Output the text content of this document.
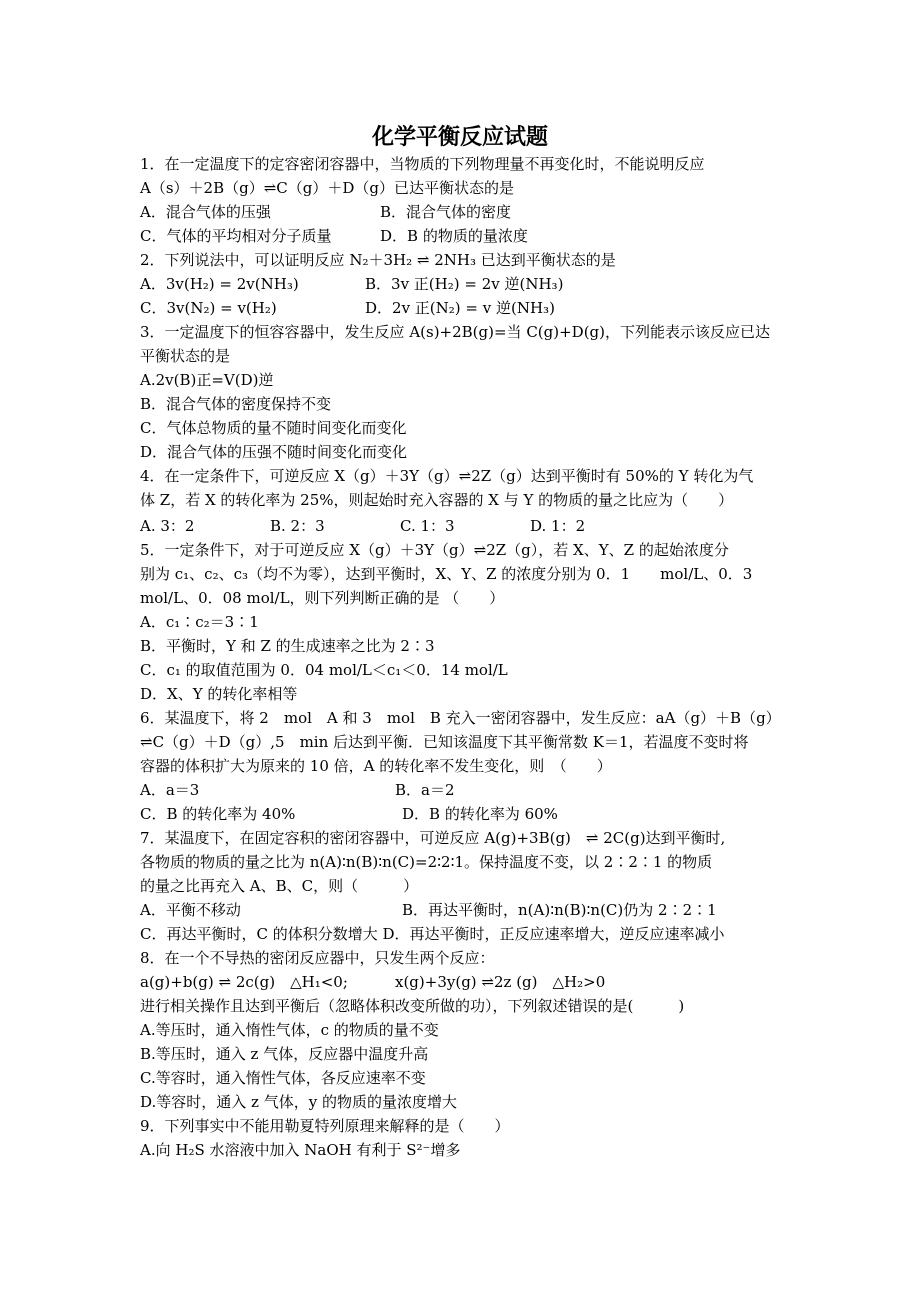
化学平衡反应试题
1．在一定温度下的定容密闭容器中，当物质的下列物理量不再变化时，不能说明反应
A（s）＋2B（g）⇌C（g）＋D（g）已达平衡状态的是
A．混合气体的压强	B．混合气体的密度
C．气体的平均相对分子质量	D．B 的物质的量浓度
2．下列说法中，可以证明反应 N₂＋3H₂ ⇌ 2NH₃ 已达到平衡状态的是
A．3v(H₂) = 2v(NH₃)	B．3v 正(H₂) = 2v 逆(NH₃)
C．3v(N₂) = v(H₂)	D．2v 正(N₂) = v 逆(NH₃)
3．一定温度下的恒容容器中，发生反应 A(s)+2B(g)=当 C(g)+D(g)，下列能表示该反应已达
平衡状态的是
A.2v(B)正=V(D)逆
B．混合气体的密度保持不变
C．气体总物质的量不随时间变化而变化
D．混合气体的压强不随时间变化而变化
4．在一定条件下，可逆反应 X（g）＋3Y（g）⇌2Z（g）达到平衡时有 50%的 Y 转化为气
体 Z，若 X 的转化率为 25%，则起始时充入容器的 X 与 Y 的物质的量之比应为（　　）
A. 3：2	B. 2：3	C. 1：3	D. 1：2
5．一定条件下，对于可逆反应 X（g）＋3Y（g）⇌2Z（g），若 X、Y、Z 的起始浓度分
别为 c₁、c₂、c₃（均不为零），达到平衡时，X、Y、Z 的浓度分别为 0．1　　mol/L、0．3
mol/L、0．08 mol/L，则下列判断正确的是 （　　）
A．c₁∶c₂＝3∶1
B．平衡时，Y 和 Z 的生成速率之比为 2∶3
C．c₁ 的取值范围为 0．04 mol/L＜c₁＜0．14 mol/L
D．X、Y 的转化率相等
6．某温度下，将 2　mol　A 和 3　mol　B 充入一密闭容器中，发生反应：aA（g）＋B（g）
⇌C（g）＋D（g）,5　min 后达到平衡．已知该温度下其平衡常数 K＝1，若温度不变时将
容器的体积扩大为原来的 10 倍，A 的转化率不发生变化，则　（　　）
A．a＝3	B．a＝2
C．B 的转化率为 40%	D．B 的转化率为 60%
7．某温度下，在固定容积的密闭容器中，可逆反应 A(g)+3B(g)　⇌ 2C(g)达到平衡时,
各物质的物质的量之比为 n(A)∶n(B)∶n(C)=2∶2∶1。保持温度不变，以 2∶2∶1 的物质
的量之比再充入 A、B、C，则（　　　）
A．平衡不移动	B．再达平衡时，n(A)∶n(B)∶n(C)仍为 2∶2∶1
C．再达平衡时，C 的体积分数增大 D．再达平衡时，正反应速率增大，逆反应速率减小
8．在一个不导热的密闭反应器中，只发生两个反应：
a(g)+b(g) ⇌ 2c(g)　△H₁<0;	x(g)+3y(g) ⇌2z (g)　△H₂>0
进行相关操作且达到平衡后（忽略体积改变所做的功），下列叙述错误的是(　　　)
A.等压时，通入惰性气体，c 的物质的量不变
B.等压时，通入 z 气体，反应器中温度升高
C.等容时，通入惰性气体，各反应速率不变
D.等容时，通入 z 气体，y 的物质的量浓度增大
9．下列事实中不能用勒夏特列原理来解释的是（　　）
A.向 H₂S 水溶液中加入 NaOH 有利于 S²⁻增多
